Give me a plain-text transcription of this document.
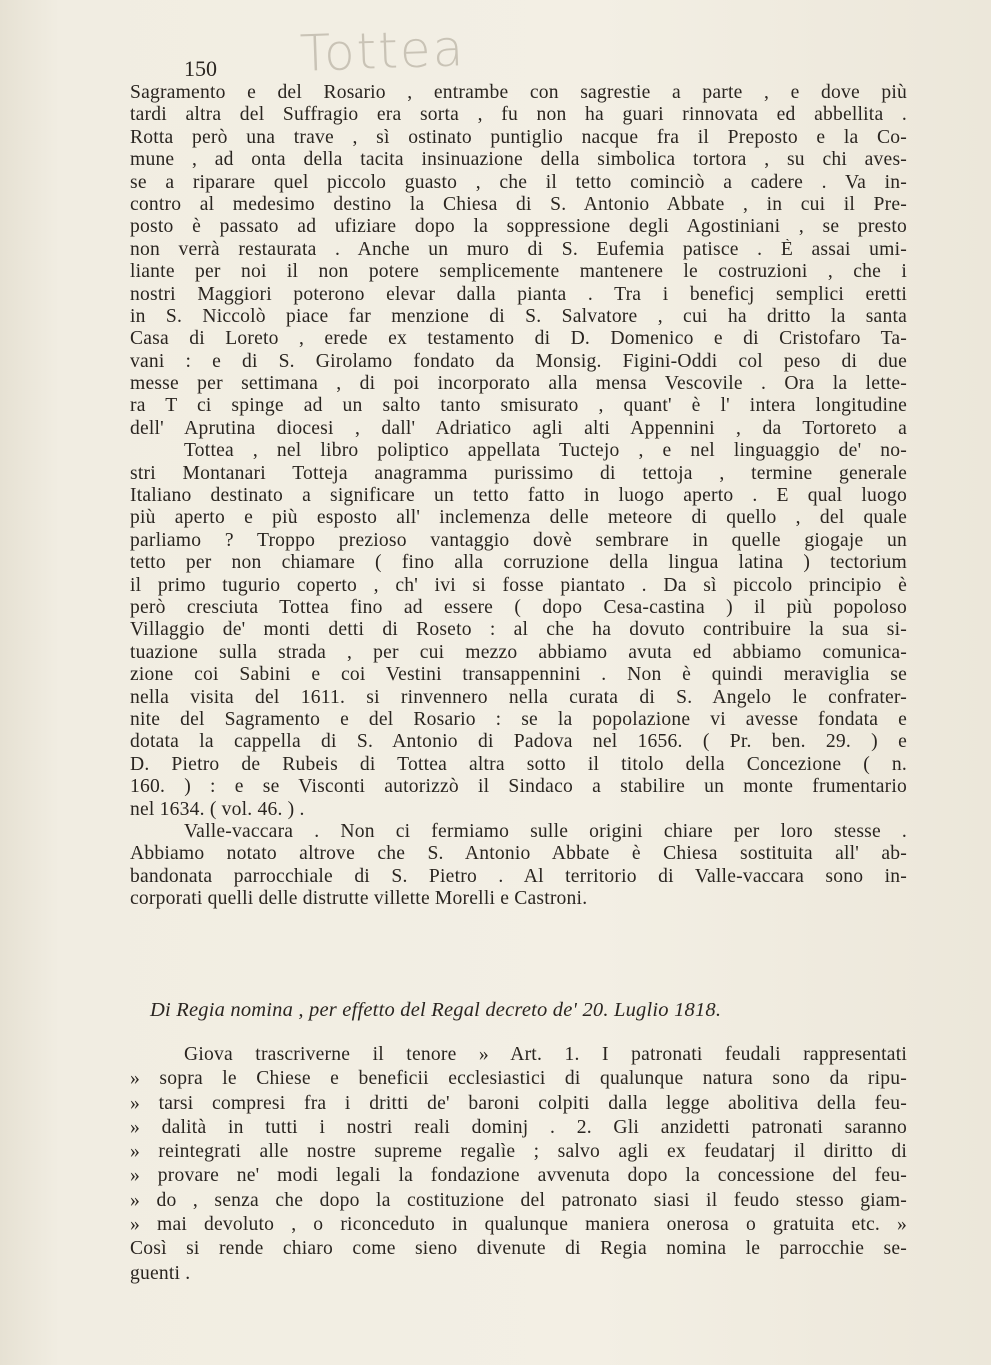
Tottea
150
Sagramento e del Rosario , entrambe con sagrestie a parte , e dove più
tardi altra del Suffragio era sorta , fu non ha guari rinnovata ed abbellita .
Rotta però una trave , sì ostinato puntiglio nacque fra il Preposto e la Co-
mune , ad onta della tacita insinuazione della simbolica tortora , su chi aves-
se a riparare quel piccolo guasto , che il tetto cominciò a cadere . Va in-
contro al medesimo destino la Chiesa di S. Antonio Abbate , in cui il Pre-
posto è passato ad ufiziare dopo la soppressione degli Agostiniani , se presto
non verrà restaurata . Anche un muro di S. Eufemia patisce . È assai umi-
liante per noi il non potere semplicemente mantenere le costruzioni , che i
nostri Maggiori poterono elevar dalla pianta . Tra i beneficj semplici eretti
in S. Niccolò piace far menzione di S. Salvatore , cui ha dritto la santa
Casa di Loreto , erede ex testamento di D. Domenico e di Cristofaro Ta-
vani : e di S. Girolamo fondato da Monsig. Figini-Oddi col peso di due
messe per settimana , di poi incorporato alla mensa Vescovile . Ora la lette-
ra T ci spinge ad un salto tanto smisurato , quant' è l' intera longitudine
dell' Aprutina diocesi , dall' Adriatico agli alti Appennini , da Tortoreto a
Tottea , nel libro poliptico appellata Tuctejo , e nel linguaggio de' no-
stri Montanari Totteja anagramma purissimo di tettoja , termine generale
Italiano destinato a significare un tetto fatto in luogo aperto . E qual luogo
più aperto e più esposto all' inclemenza delle meteore di quello , del quale
parliamo ? Troppo prezioso vantaggio dovè sembrare in quelle giogaje un
tetto per non chiamare ( fino alla corruzione della lingua latina ) tectorium
il primo tugurio coperto , ch' ivi si fosse piantato . Da sì piccolo principio è
però cresciuta Tottea fino ad essere ( dopo Cesa-castina ) il più popoloso
Villaggio de' monti detti di Roseto : al che ha dovuto contribuire la sua si-
tuazione sulla strada , per cui mezzo abbiamo avuta ed abbiamo comunica-
zione coi Sabini e coi Vestini transappennini . Non è quindi meraviglia se
nella visita del 1611. si rinvennero nella curata di S. Angelo le confrater-
nite del Sagramento e del Rosario : se la popolazione vi avesse fondata e
dotata la cappella di S. Antonio di Padova nel 1656. ( Pr. ben. 29. ) e
D. Pietro de Rubeis di Tottea altra sotto il titolo della Concezione ( n.
160. ) : e se Visconti autorizzò il Sindaco a stabilire un monte frumentario
nel 1634. ( vol. 46. ) .
Valle-vaccara . Non ci fermiamo sulle origini chiare per loro stesse .
Abbiamo notato altrove che S. Antonio Abbate è Chiesa sostituita all' ab-
bandonata parrocchiale di S. Pietro . Al territorio di Valle-vaccara sono in-
corporati quelli delle distrutte villette Morelli e Castroni.
Di Regia nomina , per effetto del Regal decreto de' 20. Luglio 1818.
Giova trascriverne il tenore » Art. 1. I patronati feudali rappresentati
» sopra le Chiese e beneficii ecclesiastici di qualunque natura sono da ripu-
» tarsi compresi fra i dritti de' baroni colpiti dalla legge abolitiva della feu-
» dalità in tutti i nostri reali dominj . 2. Gli anzidetti patronati saranno
» reintegrati alle nostre supreme regalìe ; salvo agli ex feudatarj il diritto di
» provare ne' modi legali la fondazione avvenuta dopo la concessione del feu-
» do , senza che dopo la costituzione del patronato siasi il feudo stesso giam-
» mai devoluto , o riconceduto in qualunque maniera onerosa o gratuita etc. »
Così si rende chiaro come sieno divenute di Regia nomina le parrocchie se-
guenti .
